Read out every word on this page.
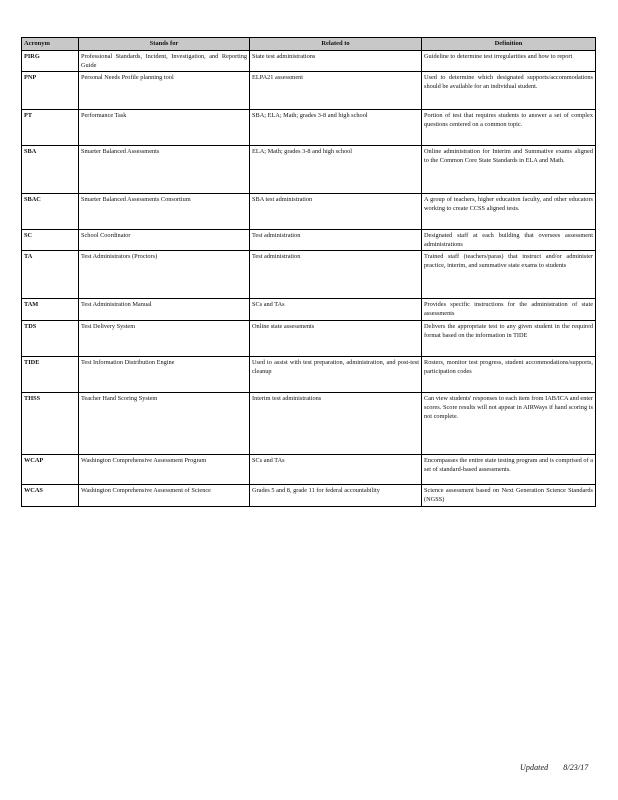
Acronym	Stands for	Related to	Definition
PIRG	Professional Standards, Incident, Investigation, and Reporting Guide	State test administrations	Guideline to determine test irregularities and how to report
PNP	Personal Needs Profile planning tool	ELPA21 assessment	Used to determine which designated supports/accommodations should be available for an individual student.
PT	Performance Task	SBA; ELA; Math; grades 3-8 and high school	Portion of test that requires students to answer a set of complex questions centered on a common topic.
SBA	Smarter Balanced Assessments	ELA; Math; grades 3-8 and high school	Online administration for Interim and Summative exams aligned to the Common Core State Standards in ELA and Math.
SBAC	Smarter Balanced Assessments Consortium	SBA test administration	A group of teachers, higher education faculty, and other educators working to create CCSS aligned tests.
SC	School Coordinator	Test administration	Designated staff at each building that oversees assessment administrations
TA	Test Administrators (Proctors)	Test administration	Trained staff (teachers/paras) that instruct and/or administer practice, interim, and summative state exams to students
TAM	Test Administration Manual	SCs and TAs	Provides specific instructions for the administration of state assessments
TDS	Test Delivery System	Online state assessments	Delivers the appropriate test to any given student in the required format based on the information in TIDE
TIDE	Test Information Distribution Engine	Used to assist with test preparation, administration, and post-test cleanup	Rosters, monitor test progress, student accommodations/supports, participation codes
THSS	Teacher Hand Scoring System	Interim test administrations	Can view students' responses to each item from IAB/ICA and enter scores. Score results will not appear in AIRWays if hand scoring is not complete.
WCAP	Washington Comprehensive Assessment Program	SCs and TAs	Encompasses the entire state testing program and is comprised of a set of standard-based assessments.
WCAS	Washington Comprehensive Assessment of Science	Grades 5 and 8, grade 11 for federal accountability	Science assessment based on Next Generation Science Standards (NGSS)
Updated 8/23/17
